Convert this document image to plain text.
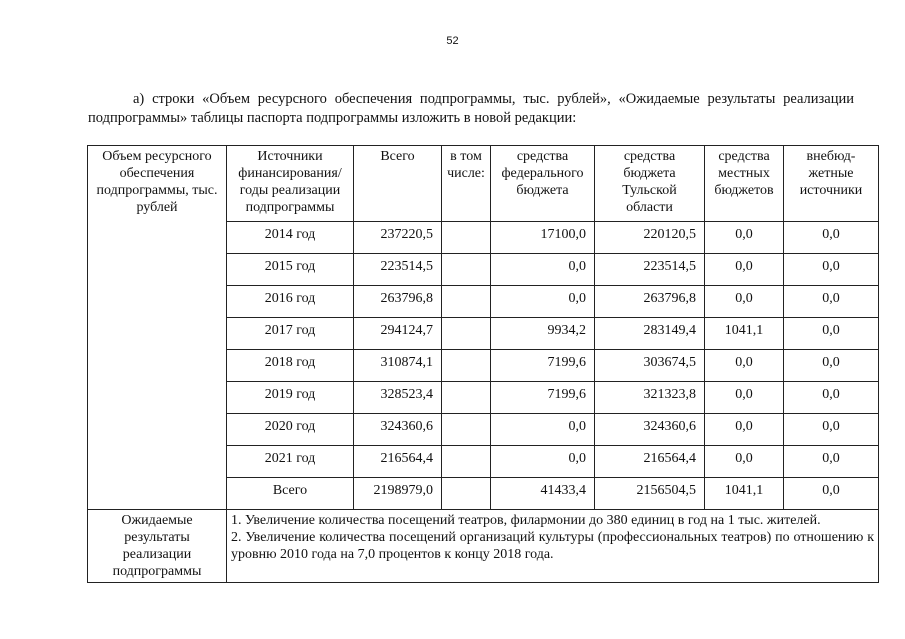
52
а) строки «Объем ресурсного обеспечения подпрограммы, тыс. рублей», «Ожидаемые результаты реализации подпрограммы» таблицы паспорта подпрограммы изложить в новой редакции:
Объем ресурсного обеспечения подпрограммы, тыс. рублей	Источники финансирования/ годы реализации подпрограммы	Всего	в том числе:	средства федерального бюджета	средства бюджета Тульской области	средства местных бюджетов	внебюд-жетные источники
	2014 год	237220,5		17100,0	220120,5	0,0	0,0
	2015 год	223514,5		0,0	223514,5	0,0	0,0
	2016 год	263796,8		0,0	263796,8	0,0	0,0
	2017 год	294124,7		9934,2	283149,4	1041,1	0,0
	2018 год	310874,1		7199,6	303674,5	0,0	0,0
	2019 год	328523,4		7199,6	321323,8	0,0	0,0
	2020 год	324360,6		0,0	324360,6	0,0	0,0
	2021 год	216564,4		0,0	216564,4	0,0	0,0
	Всего	2198979,0		41433,4	2156504,5	1041,1	0,0
Ожидаемые результаты реализации подпрограммы	1. Увеличение количества посещений театров, филармонии до 380 единиц в год на 1 тыс. жителей.

2. Увеличение количества посещений организаций культуры (профессиональных театров) по отношению к уровню 2010 года на 7,0 процентов к концу 2018 года.						
